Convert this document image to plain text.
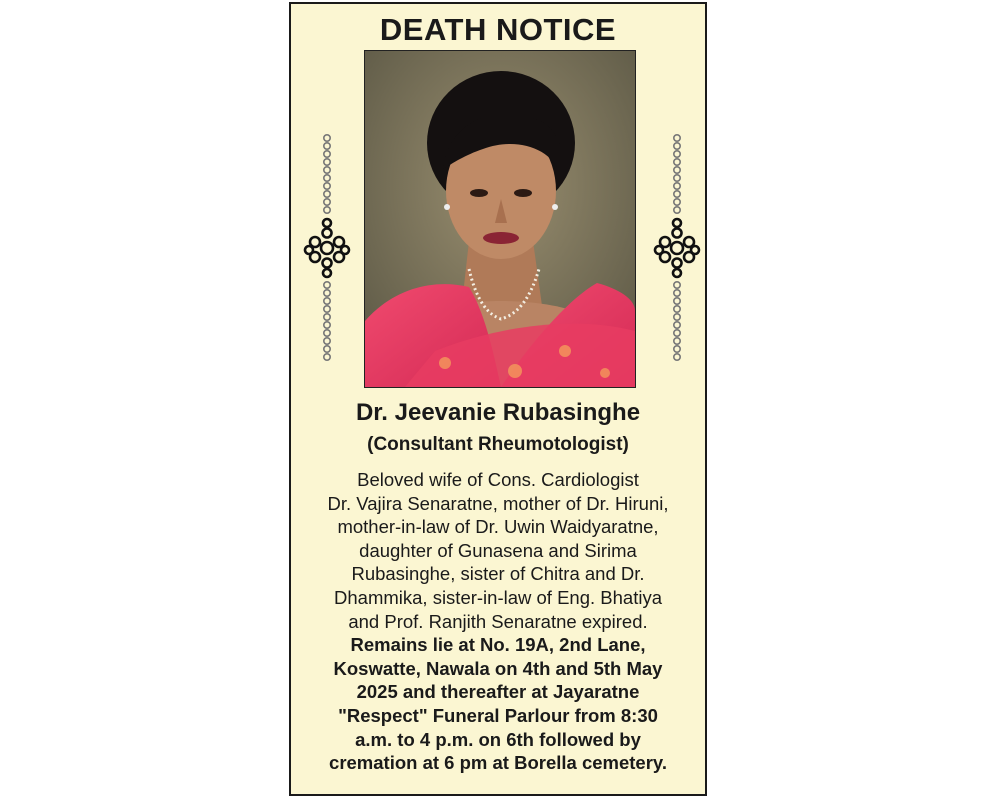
DEATH NOTICE
Dr. Jeevanie Rubasinghe
(Consultant Rheumotologist)
Beloved wife of Cons. Cardiologist
Dr. Vajira Senaratne, mother of Dr. Hiruni,
mother-in-law of Dr. Uwin Waidyaratne,
daughter of Gunasena and Sirima
Rubasinghe, sister of Chitra and Dr.
Dhammika, sister-in-law of Eng. Bhatiya
and Prof. Ranjith Senaratne expired.
Remains lie at No. 19A, 2nd Lane,
Koswatte, Nawala on 4th and 5th May
2025 and thereafter at Jayaratne
"Respect" Funeral Parlour from 8:30
a.m. to 4 p.m. on 6th followed by
cremation at 6 pm at Borella cemetery.
